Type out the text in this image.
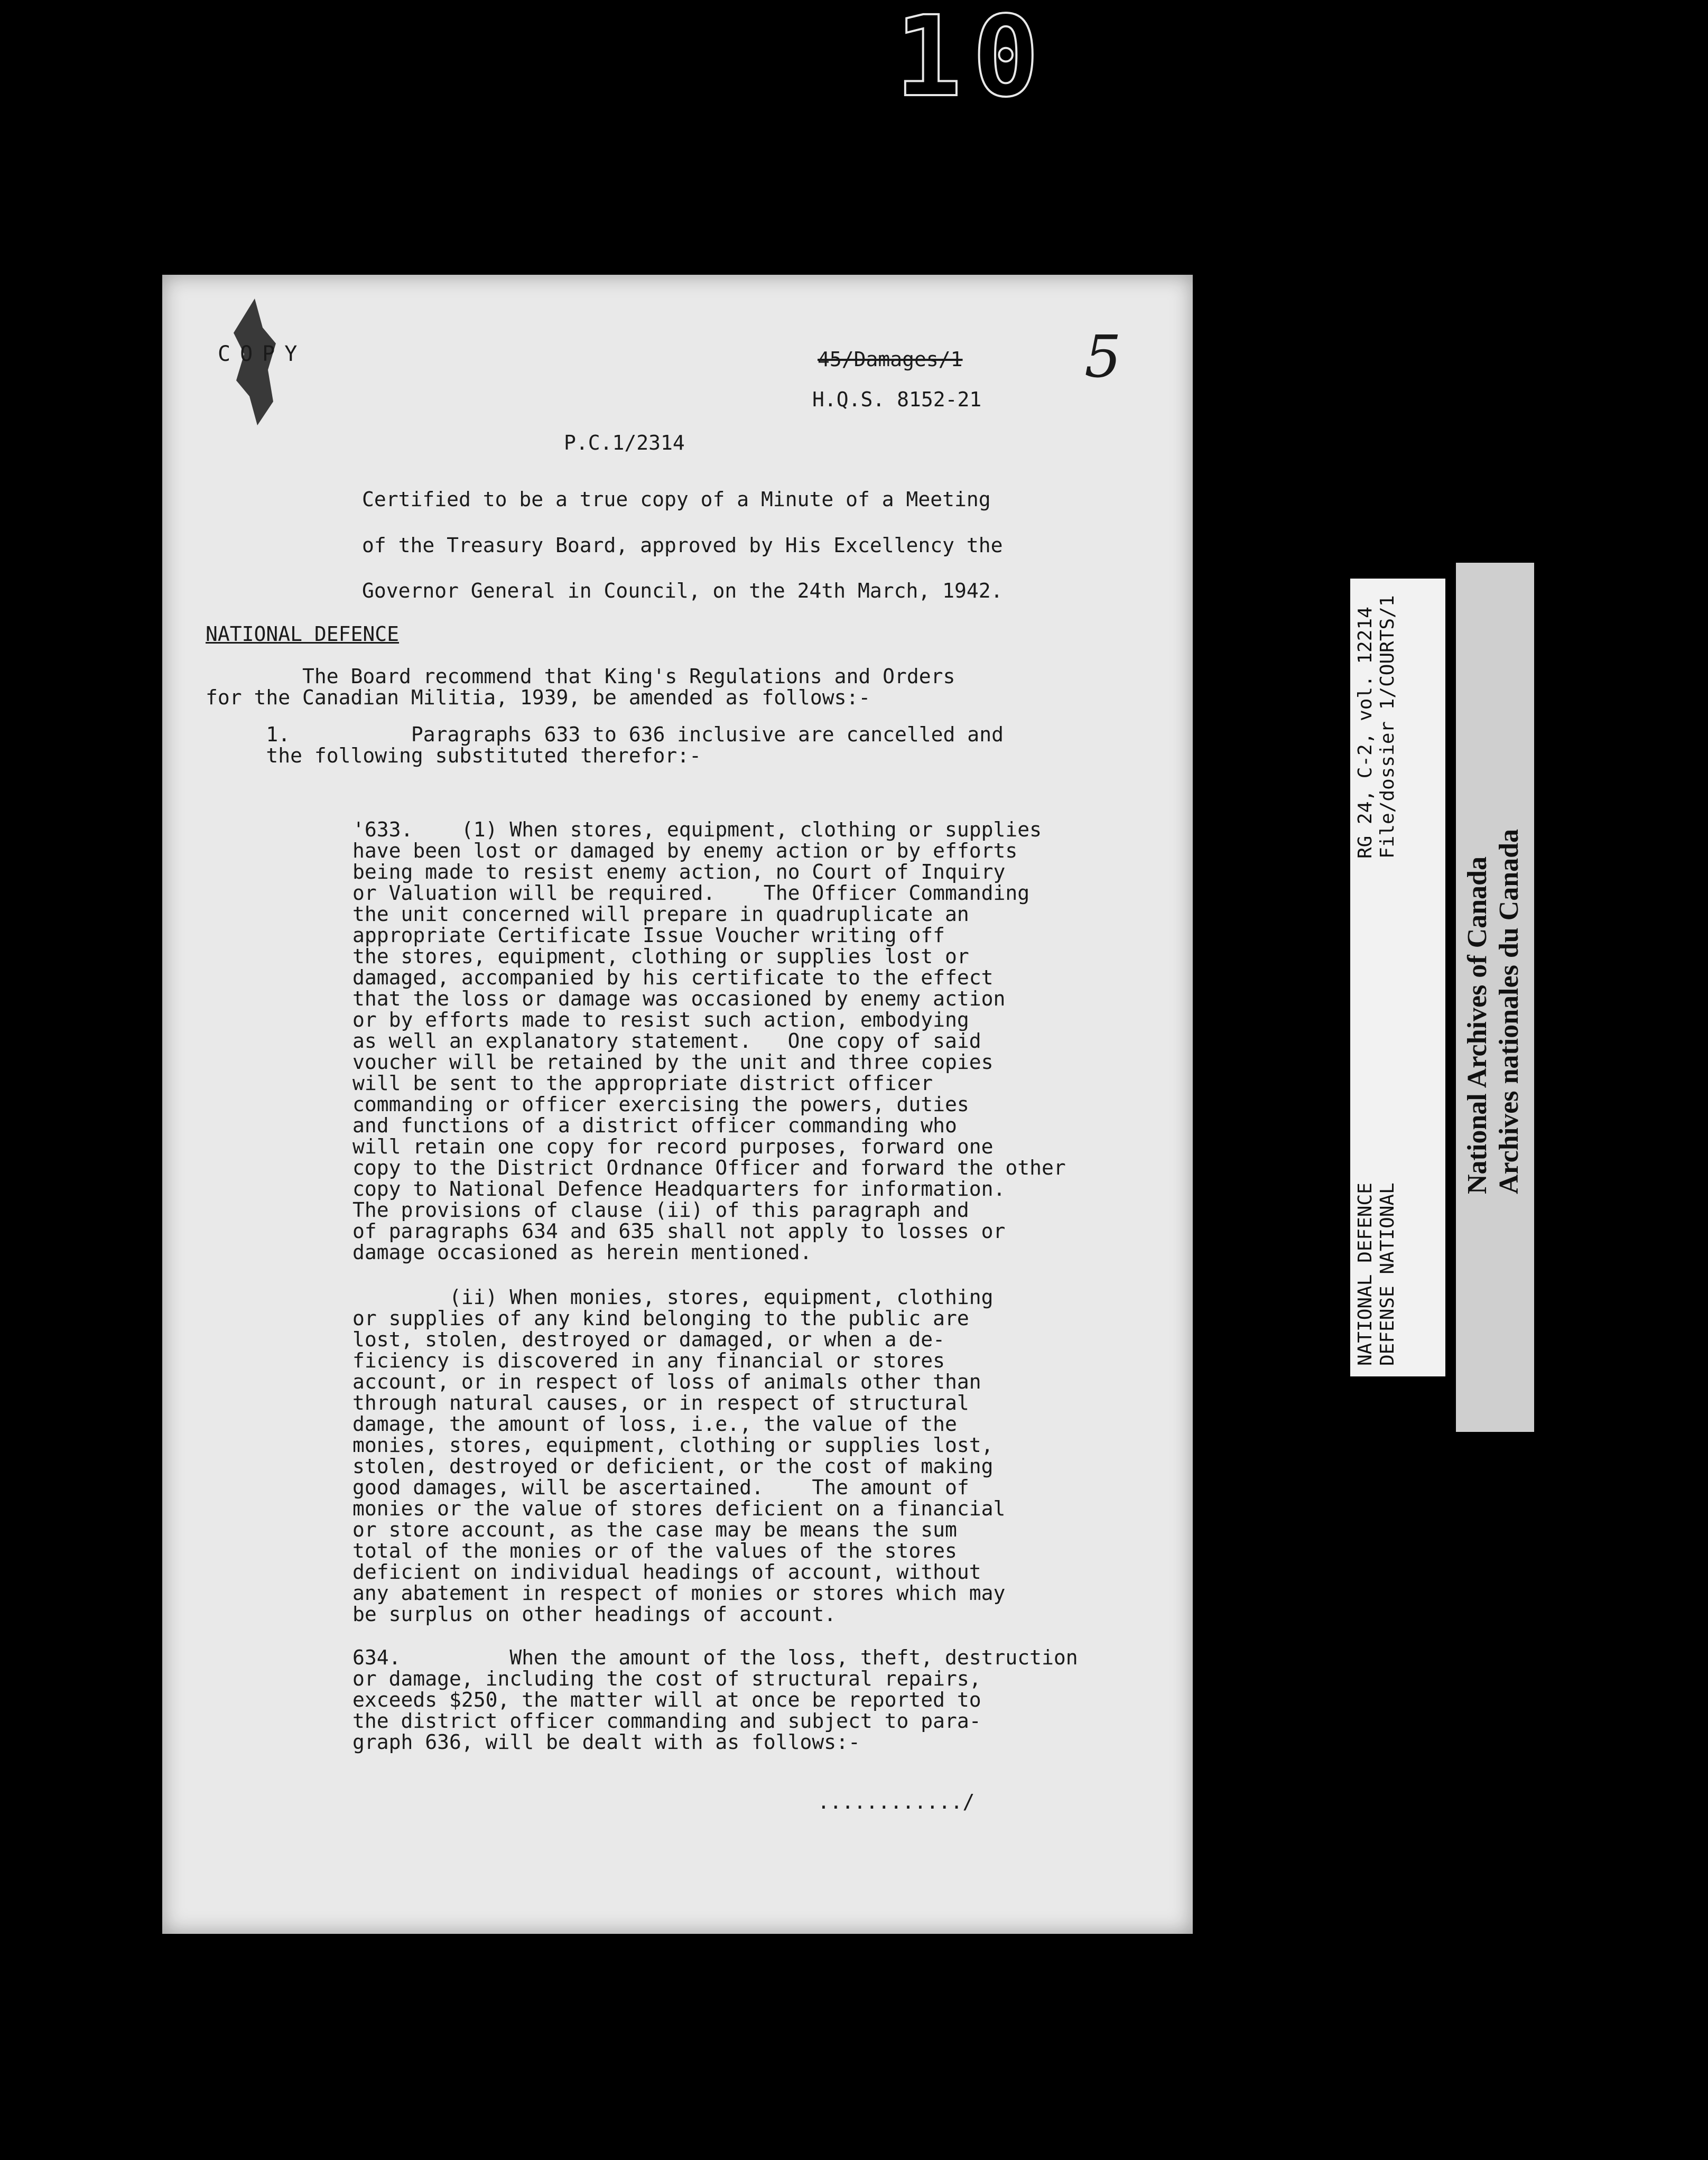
10
COPY	45/Damages/1
H.Q.S. 8152-21
5
P.C.1/2314
Certified to be a true copy of a Minute of a Meeting
of the Treasury Board, approved by His Excellency the
Governor General in Council, on the 24th March, 1942.
NATIONAL DEFENCE
The Board recommend that King's Regulations and Orders
for the Canadian Militia, 1939, be amended as follows:-
1.          Paragraphs 633 to 636 inclusive are cancelled and
the following substituted therefor:-
'633.    (1) When stores, equipment, clothing or supplies
have been lost or damaged by enemy action or by efforts
being made to resist enemy action, no Court of Inquiry
or Valuation will be required.    The Officer Commanding
the unit concerned will prepare in quadruplicate an
appropriate Certificate Issue Voucher writing off
the stores, equipment, clothing or supplies lost or
damaged, accompanied by his certificate to the effect
that the loss or damage was occasioned by enemy action
or by efforts made to resist such action, embodying
as well an explanatory statement.   One copy of said
voucher will be retained by the unit and three copies
will be sent to the appropriate district officer
commanding or officer exercising the powers, duties
and functions of a district officer commanding who
will retain one copy for record purposes, forward one
copy to the District Ordnance Officer and forward the other
copy to National Defence Headquarters for information.
The provisions of clause (ii) of this paragraph and
of paragraphs 634 and 635 shall not apply to losses or
damage occasioned as herein mentioned.
(ii) When monies, stores, equipment, clothing
or supplies of any kind belonging to the public are
lost, stolen, destroyed or damaged, or when a de-
ficiency is discovered in any financial or stores
account, or in respect of loss of animals other than
through natural causes, or in respect of structural
damage, the amount of loss, i.e., the value of the
monies, stores, equipment, clothing or supplies lost,
stolen, destroyed or deficient, or the cost of making
good damages, will be ascertained.    The amount of
monies or the value of stores deficient on a financial
or store account, as the case may be means the sum
total of the monies or of the values of the stores
deficient on individual headings of account, without
any abatement in respect of monies or stores which may
be surplus on other headings of account.
634.         When the amount of the loss, theft, destruction
or damage, including the cost of structural repairs,
exceeds $250, the matter will at once be reported to
the district officer commanding and subject to para-
graph 636, will be dealt with as follows:-
............/
NATIONAL DEFENCE DEFENSE NATIONAL
RG 24, C-2, vol. 12214 File/dossier 1/COURTS/1
National Archives of Canada Archives nationales du Canada
